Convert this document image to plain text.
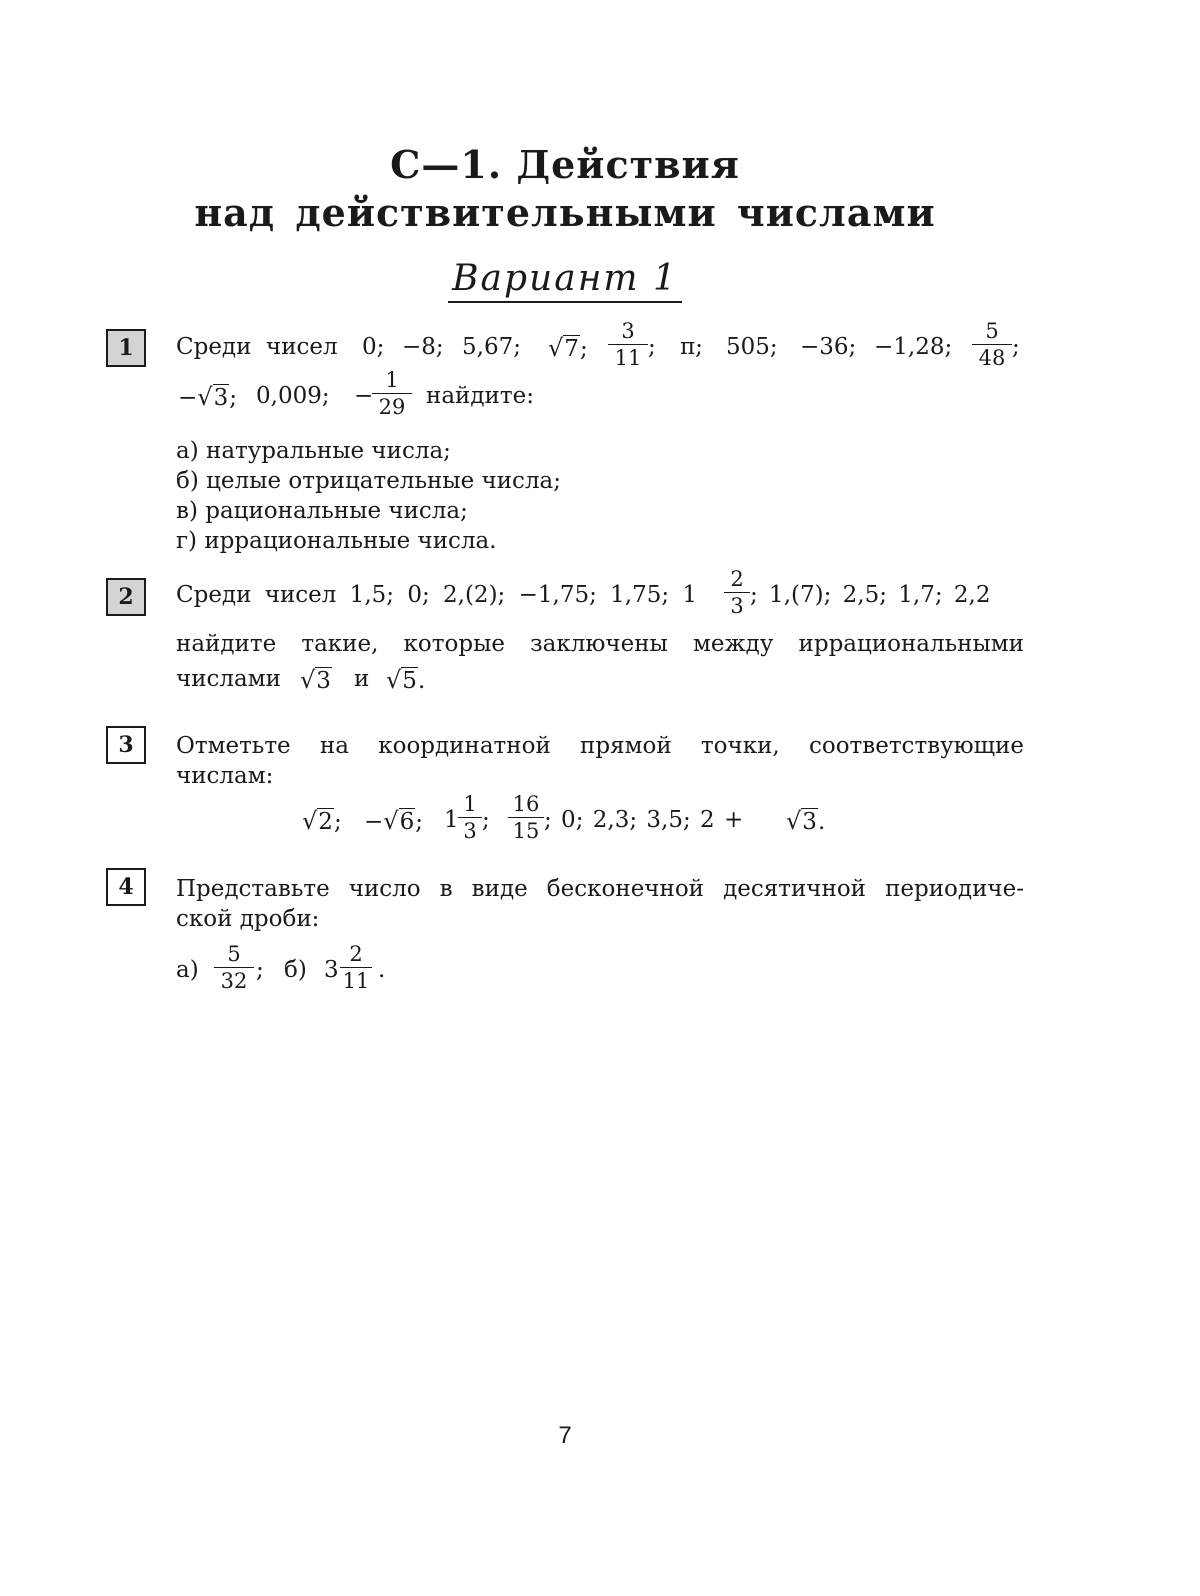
С—1. Действия
над действительными числами
Вариант 1
1	Среди чисел 0; −8; 5,67; √7; $\frac{3}{11}$ ; π; 505; −36; −1,28; $\frac{5}{48}$ ;
−√3; 0,009; −
$\frac{1}{29}$ найдите:
а) натуральные числа;
б) целые отрицательные числа;
в) рациональные числа;
г) иррациональные числа.
2	Среди чисел 1,5; 0; 2,(2); −1,75; 1,75; $1 \frac{2}{3}$ ; 1,(7); 2,5; 1,7; 2,2
найдите такие, которые заключены между иррациональными
числами √3 и √5.
3	Отметьте на координатной прямой точки, соответствующие
числам:
√2; −√6; $1 \frac{1}{3}$ ; $\frac{16}{15}$ ; 0; 2,3; 3,5; 2 + √3.
4	Представьте число в виде бесконечной десятичной периодиче-
ской дроби:
$а) \frac{5}{32}$ ; б) $3 \frac{2}{11}$ .
7
